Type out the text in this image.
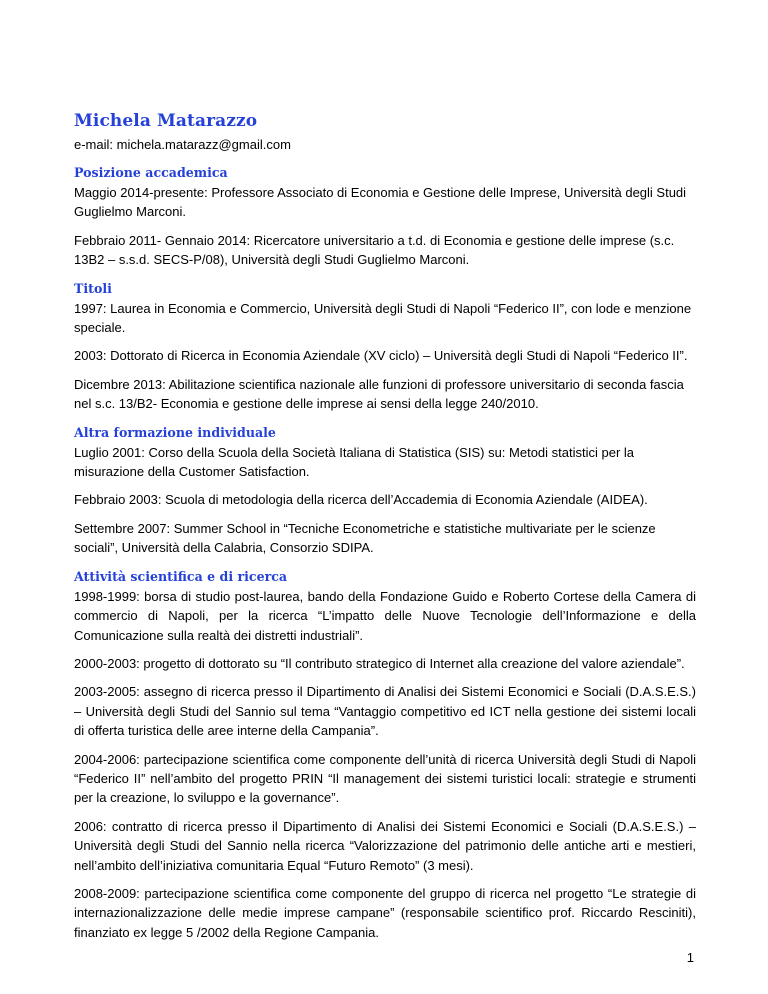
Michela Matarazzo

e-mail: michela.matarazz@gmail.com

Posizione accademica

Maggio 2014-presente: Professore Associato di Economia e Gestione delle Imprese, Università degli Studi Guglielmo Marconi.

Febbraio 2011- Gennaio 2014: Ricercatore universitario a t.d. di Economia e gestione delle imprese (s.c. 13B2 – s.s.d. SECS-P/08), Università degli Studi Guglielmo Marconi.

Titoli

1997: Laurea in Economia e Commercio, Università degli Studi di Napoli “Federico II”, con lode e menzione speciale.

2003: Dottorato di Ricerca in Economia Aziendale (XV ciclo) – Università degli Studi di Napoli “Federico II”.

Dicembre 2013: Abilitazione scientifica nazionale alle funzioni di professore universitario di seconda fascia nel s.c. 13/B2- Economia e gestione delle imprese ai sensi della legge 240/2010.

Altra formazione individuale

Luglio 2001: Corso della Scuola della Società Italiana di Statistica (SIS) su: Metodi statistici per la misurazione della Customer Satisfaction.

Febbraio 2003: Scuola di metodologia della ricerca dell’Accademia di Economia Aziendale (AIDEA).

Settembre 2007: Summer School in “Tecniche Econometriche e statistiche multivariate per le scienze sociali”, Università della Calabria, Consorzio SDIPA.

Attività scientifica e di ricerca

1998-1999: borsa di studio post-laurea, bando della Fondazione Guido e Roberto Cortese della Camera di commercio di Napoli, per la ricerca “L’impatto delle Nuove Tecnologie dell’Informazione e della Comunicazione sulla realtà dei distretti industriali”.

2000-2003: progetto di dottorato su “Il contributo strategico di Internet alla creazione del valore aziendale”.

2003-2005: assegno di ricerca presso il Dipartimento di Analisi dei Sistemi Economici e Sociali (D.A.S.E.S.) – Università degli Studi del Sannio sul tema “Vantaggio competitivo ed ICT nella gestione dei sistemi locali di offerta turistica delle aree interne della Campania”.

2004-2006: partecipazione scientifica come componente dell’unità di ricerca Università degli Studi di Napoli “Federico II” nell’ambito del progetto PRIN “Il management dei sistemi turistici locali: strategie e strumenti per la creazione, lo sviluppo e la governance”.

2006: contratto di ricerca presso il Dipartimento di Analisi dei Sistemi Economici e Sociali (D.A.S.E.S.) – Università degli Studi del Sannio nella ricerca “Valorizzazione del patrimonio delle antiche arti e mestieri, nell’ambito dell’iniziativa comunitaria Equal “Futuro Remoto” (3 mesi).

2008-2009: partecipazione scientifica come componente del gruppo di ricerca nel progetto “Le strategie di internazionalizzazione delle medie imprese campane” (responsabile scientifico prof. Riccardo Resciniti), finanziato ex legge 5 /2002 della Regione Campania.

1
